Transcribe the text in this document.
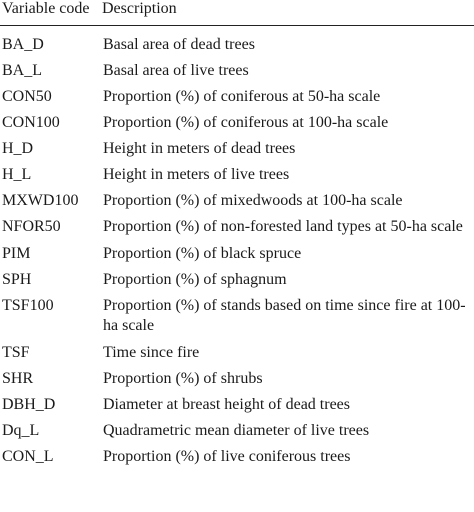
Variable code	Description
BA_D	Basal area of dead trees
BA_L	Basal area of live trees
CON50	Proportion (%) of coniferous at 50-ha scale
CON100	Proportion (%) of coniferous at 100-ha scale
H_D	Height in meters of dead trees
H_L	Height in meters of live trees
MXWD100	Proportion (%) of mixedwoods at 100-ha scale
NFOR50	Proportion (%) of non-forested land types at 50-ha scale
PIM	Proportion (%) of black spruce
SPH	Proportion (%) of sphagnum
TSF100	Proportion (%) of stands based on time since fire at 100-ha scale
TSF	Time since fire
SHR	Proportion (%) of shrubs
DBH_D	Diameter at breast height of dead trees
Dq_L	Quadrametric mean diameter of live trees
CON_L	Proportion (%) of live coniferous trees
